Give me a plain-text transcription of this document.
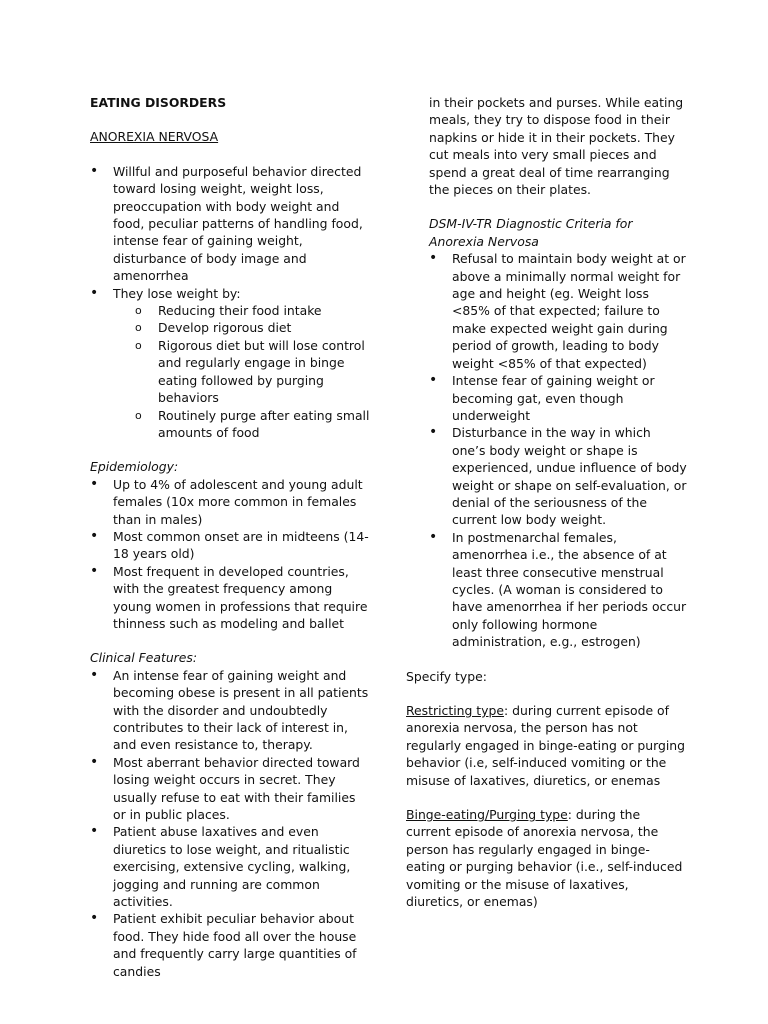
EATING DISORDERS

ANOREXIA NERVOSA

• Willful and purposeful behavior directed toward losing weight, weight loss, preoccupation with body weight and food, peculiar patterns of handling food, intense fear of gaining weight, disturbance of body image and amenorrhea
• They lose weight by:
o Reducing their food intake
o Develop rigorous diet
o Rigorous diet but will lose control and regularly engage in binge eating followed by purging behaviors
o Routinely purge after eating small amounts of food

Epidemiology:

• Up to 4% of adolescent and young adult females (10x more common in females than in males)
• Most common onset are in midteens (14-18 years old)
• Most frequent in developed countries, with the greatest frequency among young women in professions that require thinness such as modeling and ballet

Clinical Features:

• An intense fear of gaining weight and becoming obese is present in all patients with the disorder and undoubtedly contributes to their lack of interest in, and even resistance to, therapy.
• Most aberrant behavior directed toward losing weight occurs in secret. They usually refuse to eat with their families or in public places.
• Patient abuse laxatives and even diuretics to lose weight, and ritualistic exercising, extensive cycling, walking, jogging and running are common activities.
• Patient exhibit peculiar behavior about food. They hide food all over the house and frequently carry large quantities of candies

in their pockets and purses. While eating meals, they try to dispose food in their napkins or hide it in their pockets. They cut meals into very small pieces and spend a great deal of time rearranging the pieces on their plates.

DSM-IV-TR Diagnostic Criteria for Anorexia Nervosa

• Refusal to maintain body weight at or above a minimally normal weight for age and height (eg. Weight loss <85% of that expected; failure to make expected weight gain during period of growth, leading to body weight <85% of that expected)
• Intense fear of gaining weight or becoming gat, even though underweight
• Disturbance in the way in which one’s body weight or shape is experienced, undue influence of body weight or shape on self-evaluation, or denial of the seriousness of the current low body weight.
• In postmenarchal females, amenorrhea i.e., the absence of at least three consecutive menstrual cycles. (A woman is considered to have amenorrhea if her periods occur only following hormone administration, e.g., estrogen)

Specify type:

Restricting type: during current episode of anorexia nervosa, the person has not regularly engaged in binge-eating or purging behavior (i.e, self-induced vomiting or the misuse of laxatives, diuretics, or enemas

Binge-eating/Purging type: during the current episode of anorexia nervosa, the person has regularly engaged in binge-eating or purging behavior (i.e., self-induced vomiting or the misuse of laxatives, diuretics, or enemas)
